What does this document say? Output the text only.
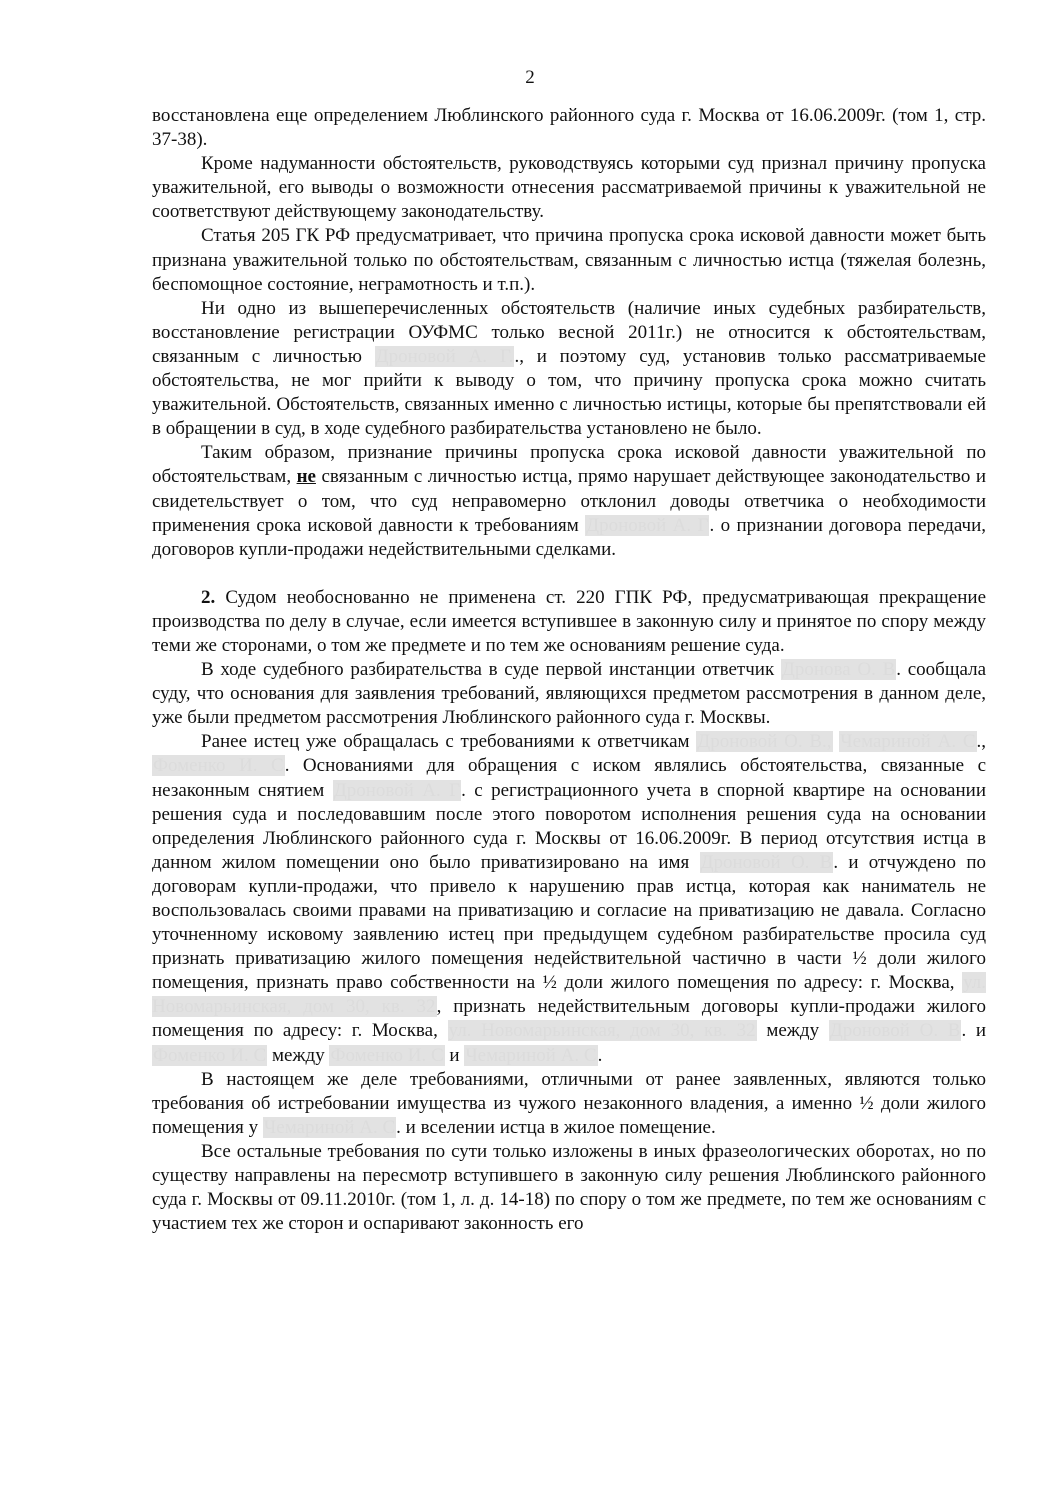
2

восстановлена еще определением Люблинского районного суда г. Москва от 16.06.2009г. (том 1, стр. 37-38).

Кроме надуманности обстоятельств, руководствуясь которыми суд признал причину пропуска уважительной, его выводы о возможности отнесения рассматриваемой причины к уважительной не соответствуют действующему законодательству.

Статья 205 ГК РФ предусматривает, что причина пропуска срока исковой давности может быть признана уважительной только по обстоятельствам, связанным с личностью истца (тяжелая болезнь, беспомощное состояние, неграмотность и т.п.).

Ни одно из вышеперечисленных обстоятельств (наличие иных судебных разбирательств, восстановление регистрации ОУФМС только весной 2011г.) не относится к обстоятельствам, связанным с личностью Дроновой А. Г.., и поэтому суд, установив только рассматриваемые обстоятельства, не мог прийти к выводу о том, что причину пропуска срока можно считать уважительной. Обстоятельств, связанных именно с личностью истицы, которые бы препятствовали ей в обращении в суд, в ходе судебного разбирательства установлено не было.

Таким образом, признание причины пропуска срока исковой давности уважительной по обстоятельствам, не связанным с личностью истца, прямо нарушает действующее законодательство и свидетельствует о том, что суд неправомерно отклонил доводы ответчика о необходимости применения срока исковой давности к требованиям Дроновой А. Г. о признании договора передачи, договоров купли-продажи недействительными сделками.

2. Судом необоснованно не применена ст. 220 ГПК РФ, предусматривающая прекращение производства по делу в случае, если имеется вступившее в законную силу и принятое по спору между теми же сторонами, о том же предмете и по тем же основаниям решение суда.

В ходе судебного разбирательства в суде первой инстанции ответчик Дронова О. В. сообщала суду, что основания для заявления требований, являющихся предметом рассмотрения в данном деле, уже были предметом рассмотрения Люблинского районного суда г. Москвы.

Ранее истец уже обращалась с требованиями к ответчикам Дроновой О. В., Чемариной А. С., Фоменко И. С. Основаниями для обращения с иском являлись обстоятельства, связанные с незаконным снятием Дроновой А. Г. с регистрационного учета в спорной квартире на основании решения суда и последовавшим после этого поворотом исполнения решения суда на основании определения Люблинского районного суда г. Москвы от 16.06.2009г. В период отсутствия истца в данном жилом помещении оно было приватизировано на имя Дроновой О. В. и отчуждено по договорам купли-продажи, что привело к нарушению прав истца, которая как наниматель не воспользовалась своими правами на приватизацию и согласие на приватизацию не давала. Согласно уточненному исковому заявлению истец при предыдущем судебном разбирательстве просила суд признать приватизацию жилого помещения недействительной частично в части ½ доли жилого помещения, признать право собственности на ½ доли жилого помещения по адресу: г. Москва, ул. Новомарьинская, дом 30, кв. 32, признать недействительным договоры купли-продажи жилого помещения по адресу: г. Москва, ул. Новомарьинская, дом 30, кв. 32 между Дроновой О. В. и Фоменко И. С между Фоменко И. С и Чемариной А. С.

В настоящем же деле требованиями, отличными от ранее заявленных, являются только требования об истребовании имущества из чужого незаконного владения, а именно ½ доли жилого помещения у Чемариной А. С. и вселении истца в жилое помещение.

Все остальные требования по сути только изложены в иных фразеологических оборотах, но по существу направлены на пересмотр вступившего в законную силу решения Люблинского районного суда г. Москвы от 09.11.2010г. (том 1, л. д. 14-18) по спору о том же предмете, по тем же основаниям с участием тех же сторон и оспаривают законность его
